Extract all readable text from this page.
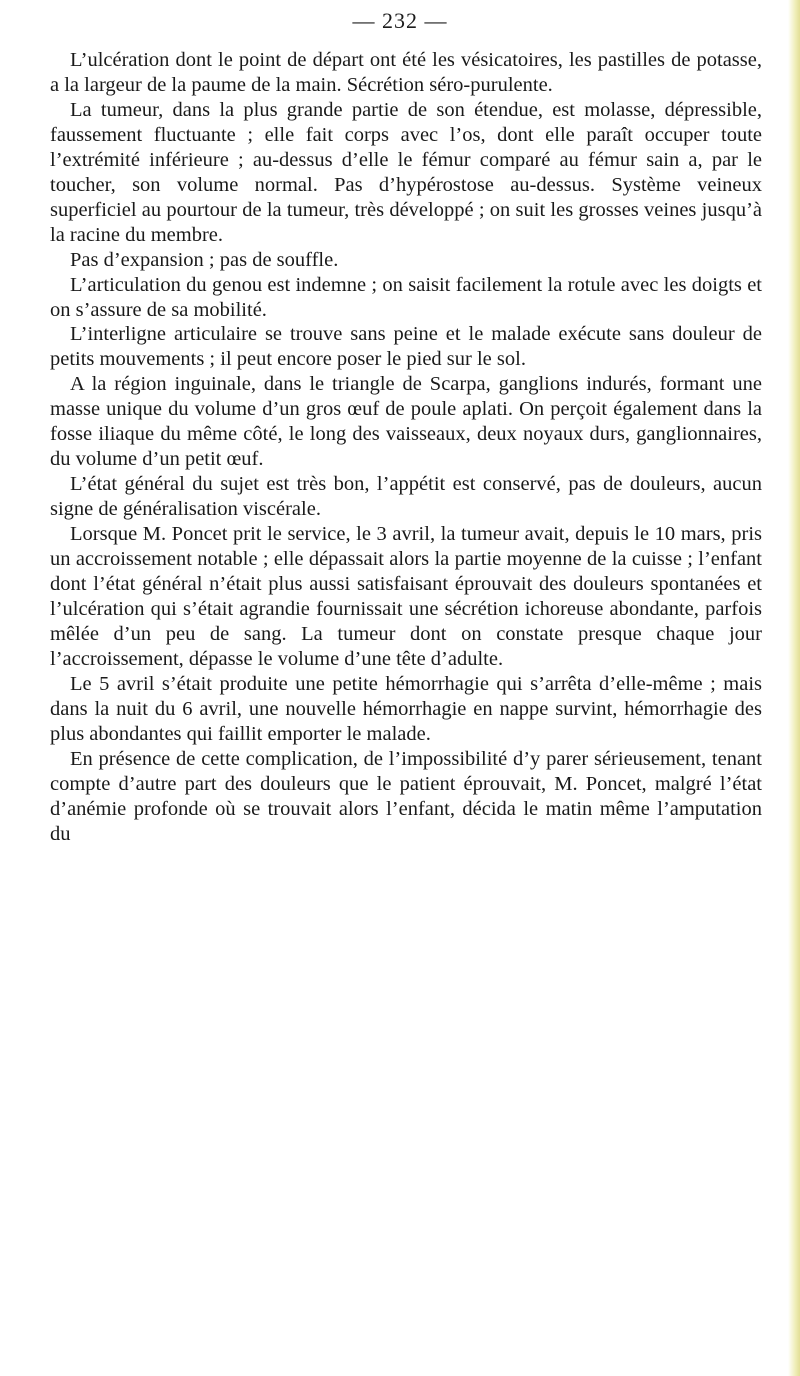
— 232 —

L’ulcération dont le point de départ ont été les vésicatoires, les pastilles de potasse, a la largeur de la paume de la main. Sécrétion séro-purulente.

La tumeur, dans la plus grande partie de son étendue, est molasse, dépressible, faussement fluctuante ; elle fait corps avec l’os, dont elle paraît occuper toute l’extrémité inférieure ; au-dessus d’elle le fémur comparé au fémur sain a, par le toucher, son volume normal. Pas d’hypérostose au-dessus. Système veineux superficiel au pourtour de la tumeur, très développé ; on suit les grosses veines jusqu’à la racine du membre.

Pas d’expansion ; pas de souffle.

L’articulation du genou est indemne ; on saisit facilement la rotule avec les doigts et on s’assure de sa mobilité.

L’interligne articulaire se trouve sans peine et le malade exécute sans douleur de petits mouvements ; il peut encore poser le pied sur le sol.

A la région inguinale, dans le triangle de Scarpa, ganglions indurés, formant une masse unique du volume d’un gros œuf de poule aplati. On perçoit également dans la fosse iliaque du même côté, le long des vaisseaux, deux noyaux durs, ganglionnaires, du volume d’un petit œuf.

L’état général du sujet est très bon, l’appétit est conservé, pas de douleurs, aucun signe de généralisation viscérale.

Lorsque M. Poncet prit le service, le 3 avril, la tumeur avait, depuis le 10 mars, pris un accroissement notable ; elle dépassait alors la partie moyenne de la cuisse ; l’enfant dont l’état général n’était plus aussi satisfaisant éprouvait des douleurs spontanées et l’ulcération qui s’était agrandie fournissait une sécrétion ichoreuse abondante, parfois mêlée d’un peu de sang. La tumeur dont on constate presque chaque jour l’accroissement, dépasse le volume d’une tête d’adulte.

Le 5 avril s’était produite une petite hémorrhagie qui s’arrêta d’elle-même ; mais dans la nuit du 6 avril, une nouvelle hémorrhagie en nappe survint, hémorrhagie des plus abondantes qui faillit emporter le malade.

En présence de cette complication, de l’impossibilité d’y parer sérieusement, tenant compte d’autre part des douleurs que le patient éprouvait, M. Poncet, malgré l’état d’anémie profonde où se trouvait alors l’enfant, décida le matin même l’amputation du
